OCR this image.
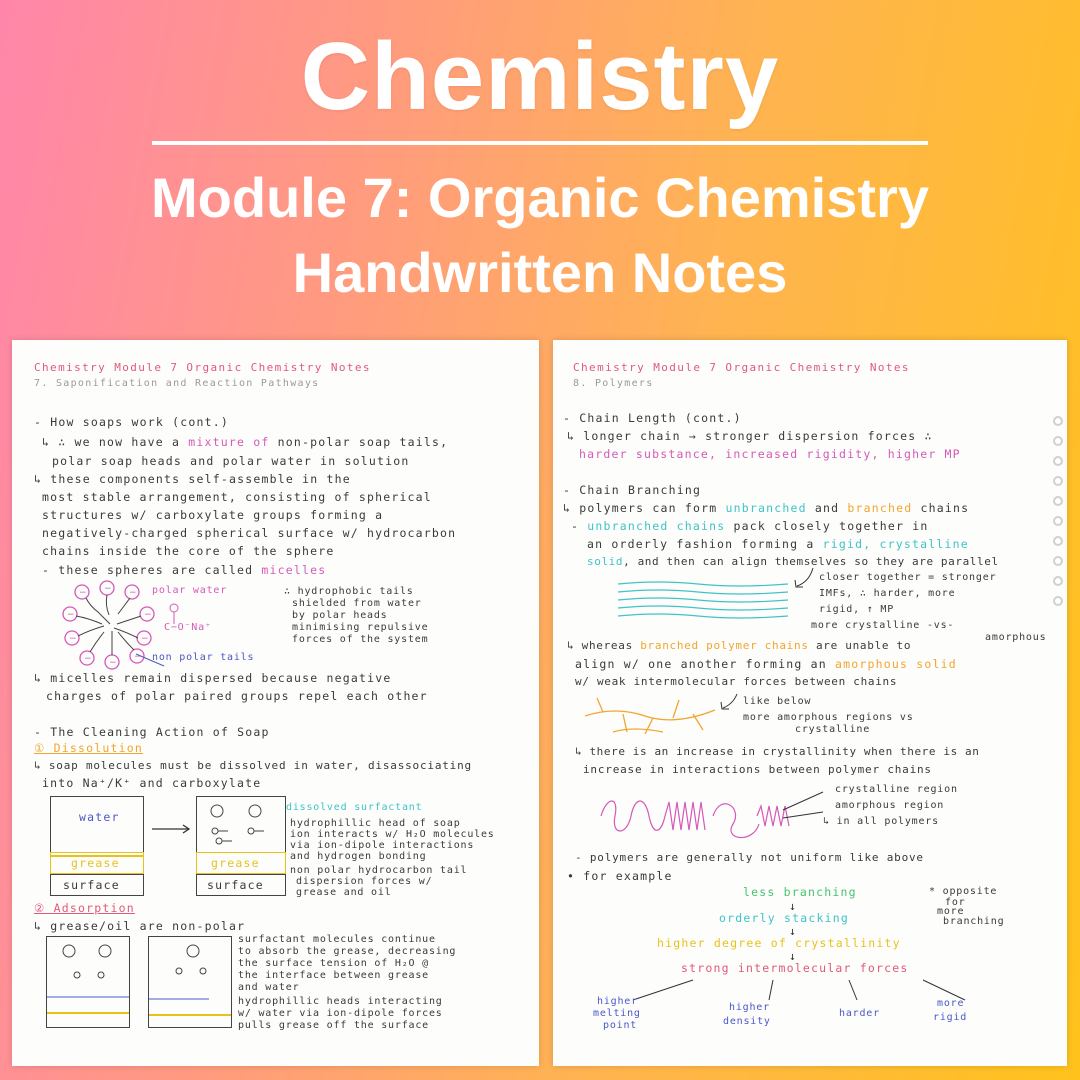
Chemistry
Module 7: Organic Chemistry
Handwritten Notes
Chemistry Module 7 Organic Chemistry Notes
7. Saponification and Reaction Pathways
- How soaps work (cont.)
↳ ∴ we now have a mixture of non-polar soap tails,
polar soap heads and polar water in solution
↳ these components self-assemble in the
most stable arrangement, consisting of spherical
structures w/ carboxylate groups forming a
negatively-charged spherical surface w/ hydrocarbon
chains inside the core of the sphere
- these spheres are called micelles
− − −
−	−
−	−
− −
−
polar water
C−O⁻Na⁺
non polar tails
∴ hydrophobic tails
shielded from water
by polar heads
minimising repulsive
forces of the system
↳ micelles remain dispersed because negative
charges of polar paired groups repel each other
- The Cleaning Action of Soap
① Dissolution
↳ soap molecules must be dissolved in water, disassociating
into Na⁺/K⁺ and carboxylate
water
grease
surface
grease
surface
dissolved surfactant
hydrophillic head of soap
ion interacts w/ H₂O molecules
via ion-dipole interactions
and hydrogen bonding
non polar hydrocarbon tail
dispersion forces w/
grease and oil
② Adsorption
↳ grease/oil are non-polar
surfactant molecules continue
to absorb the grease, decreasing
the surface tension of H₂O @
the interface between grease
and water
hydrophillic heads interacting
w/ water via ion-dipole forces
pulls grease off the surface
Chemistry Module 7 Organic Chemistry Notes
8. Polymers
- Chain Length (cont.)
↳ longer chain → stronger dispersion forces ∴
harder substance, increased rigidity, higher MP
- Chain Branching
↳ polymers can form unbranched and branched chains
- unbranched chains pack closely together in
an orderly fashion forming a rigid, crystalline
solid, and then can align themselves so they are parallel
closer together = stronger
IMFs, ∴ harder, more
rigid, ↑ MP
more crystalline -vs-
amorphous
↳ whereas branched polymer chains are unable to
align w/ one another forming an amorphous solid
w/ weak intermolecular forces between chains
like below
more amorphous regions vs
crystalline
↳ there is an increase in crystallinity when there is an
increase in interactions between polymer chains
crystalline region
amorphous region
↳ in all polymers
- polymers are generally not uniform like above
• for example
less branching
↓
orderly stacking
↓
higher degree of crystallinity
↓
strong intermolecular forces
* opposite
for
more
branching
higher
melting
point
higher
density
harder
more
rigid
